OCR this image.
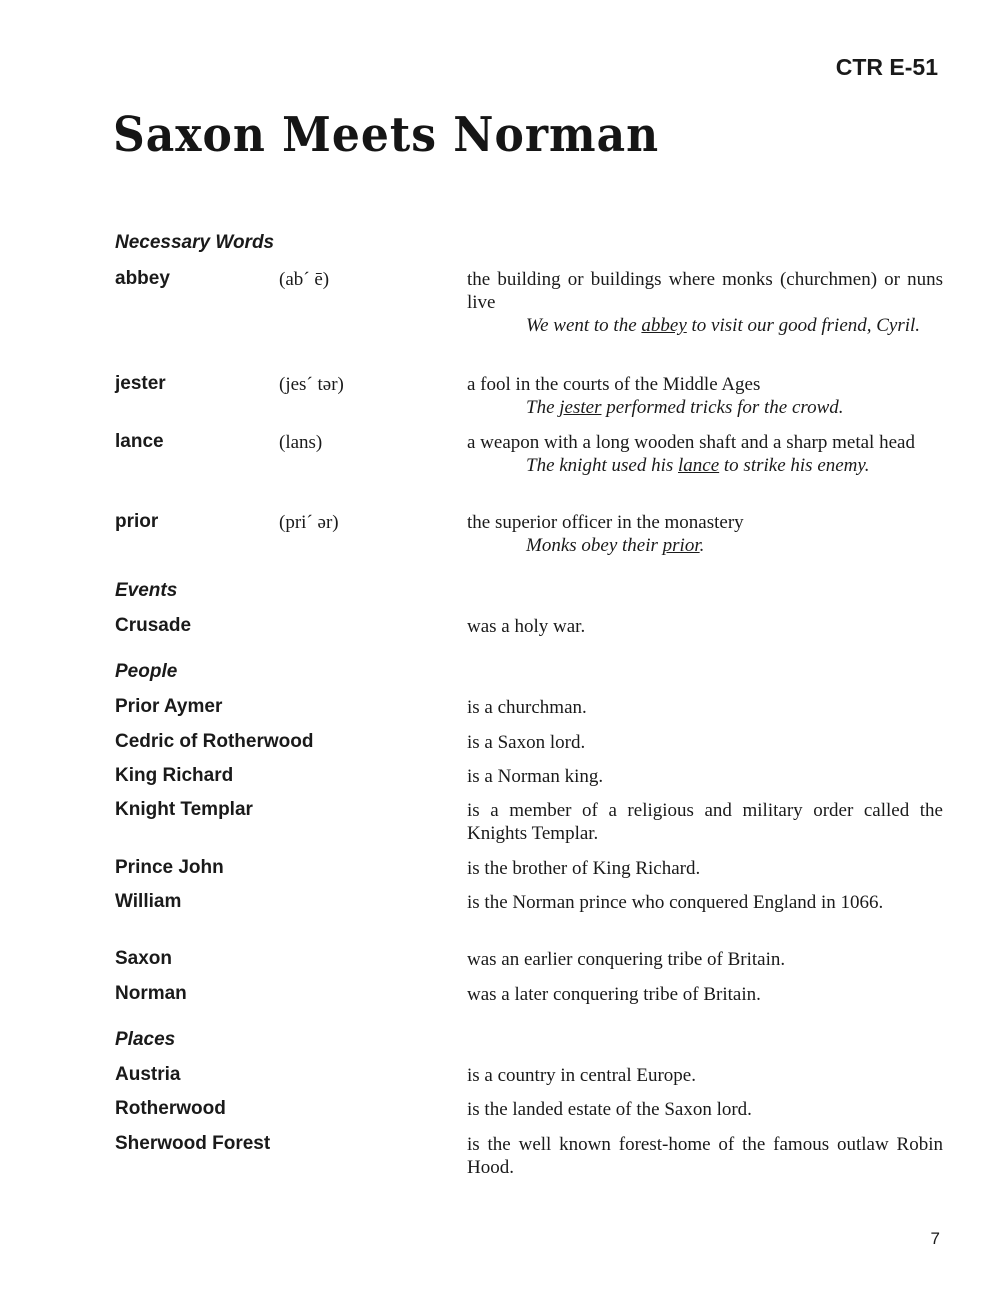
CTR E-51
Saxon Meets Norman
Necessary Words
abbey	(ab´ ē)	the building or buildings where monks (churchmen) or nuns live

We went to the abbey to visit our good friend, Cyril.

jester	(jes´ tər)	a fool in the courts of the Middle Ages

The jester performed tricks for the crowd.

lance	(lans)	a weapon with a long wooden shaft and a sharp metal head

The knight used his lance to strike his enemy.

prior	(pri´ ər)	the superior officer in the monastery

Monks obey their prior.

Events
Crusade	was a holy war.

People
Prior Aymer	is a churchman.

Cedric of Rotherwood	is a Saxon lord.

King Richard	is a Norman king.

Knight Templar	is a member of a religious and military order called the Knights Templar.

Prince John	is the brother of King Richard.

William	is the Norman prince who conquered England in 1066.

Saxon	was an earlier conquering tribe of Britain.

Norman	was a later conquering tribe of Britain.

Places
Austria	is a country in central Europe.

Rotherwood	is the landed estate of the Saxon lord.

Sherwood Forest	is the well known forest-home of the famous outlaw Robin Hood.

7
